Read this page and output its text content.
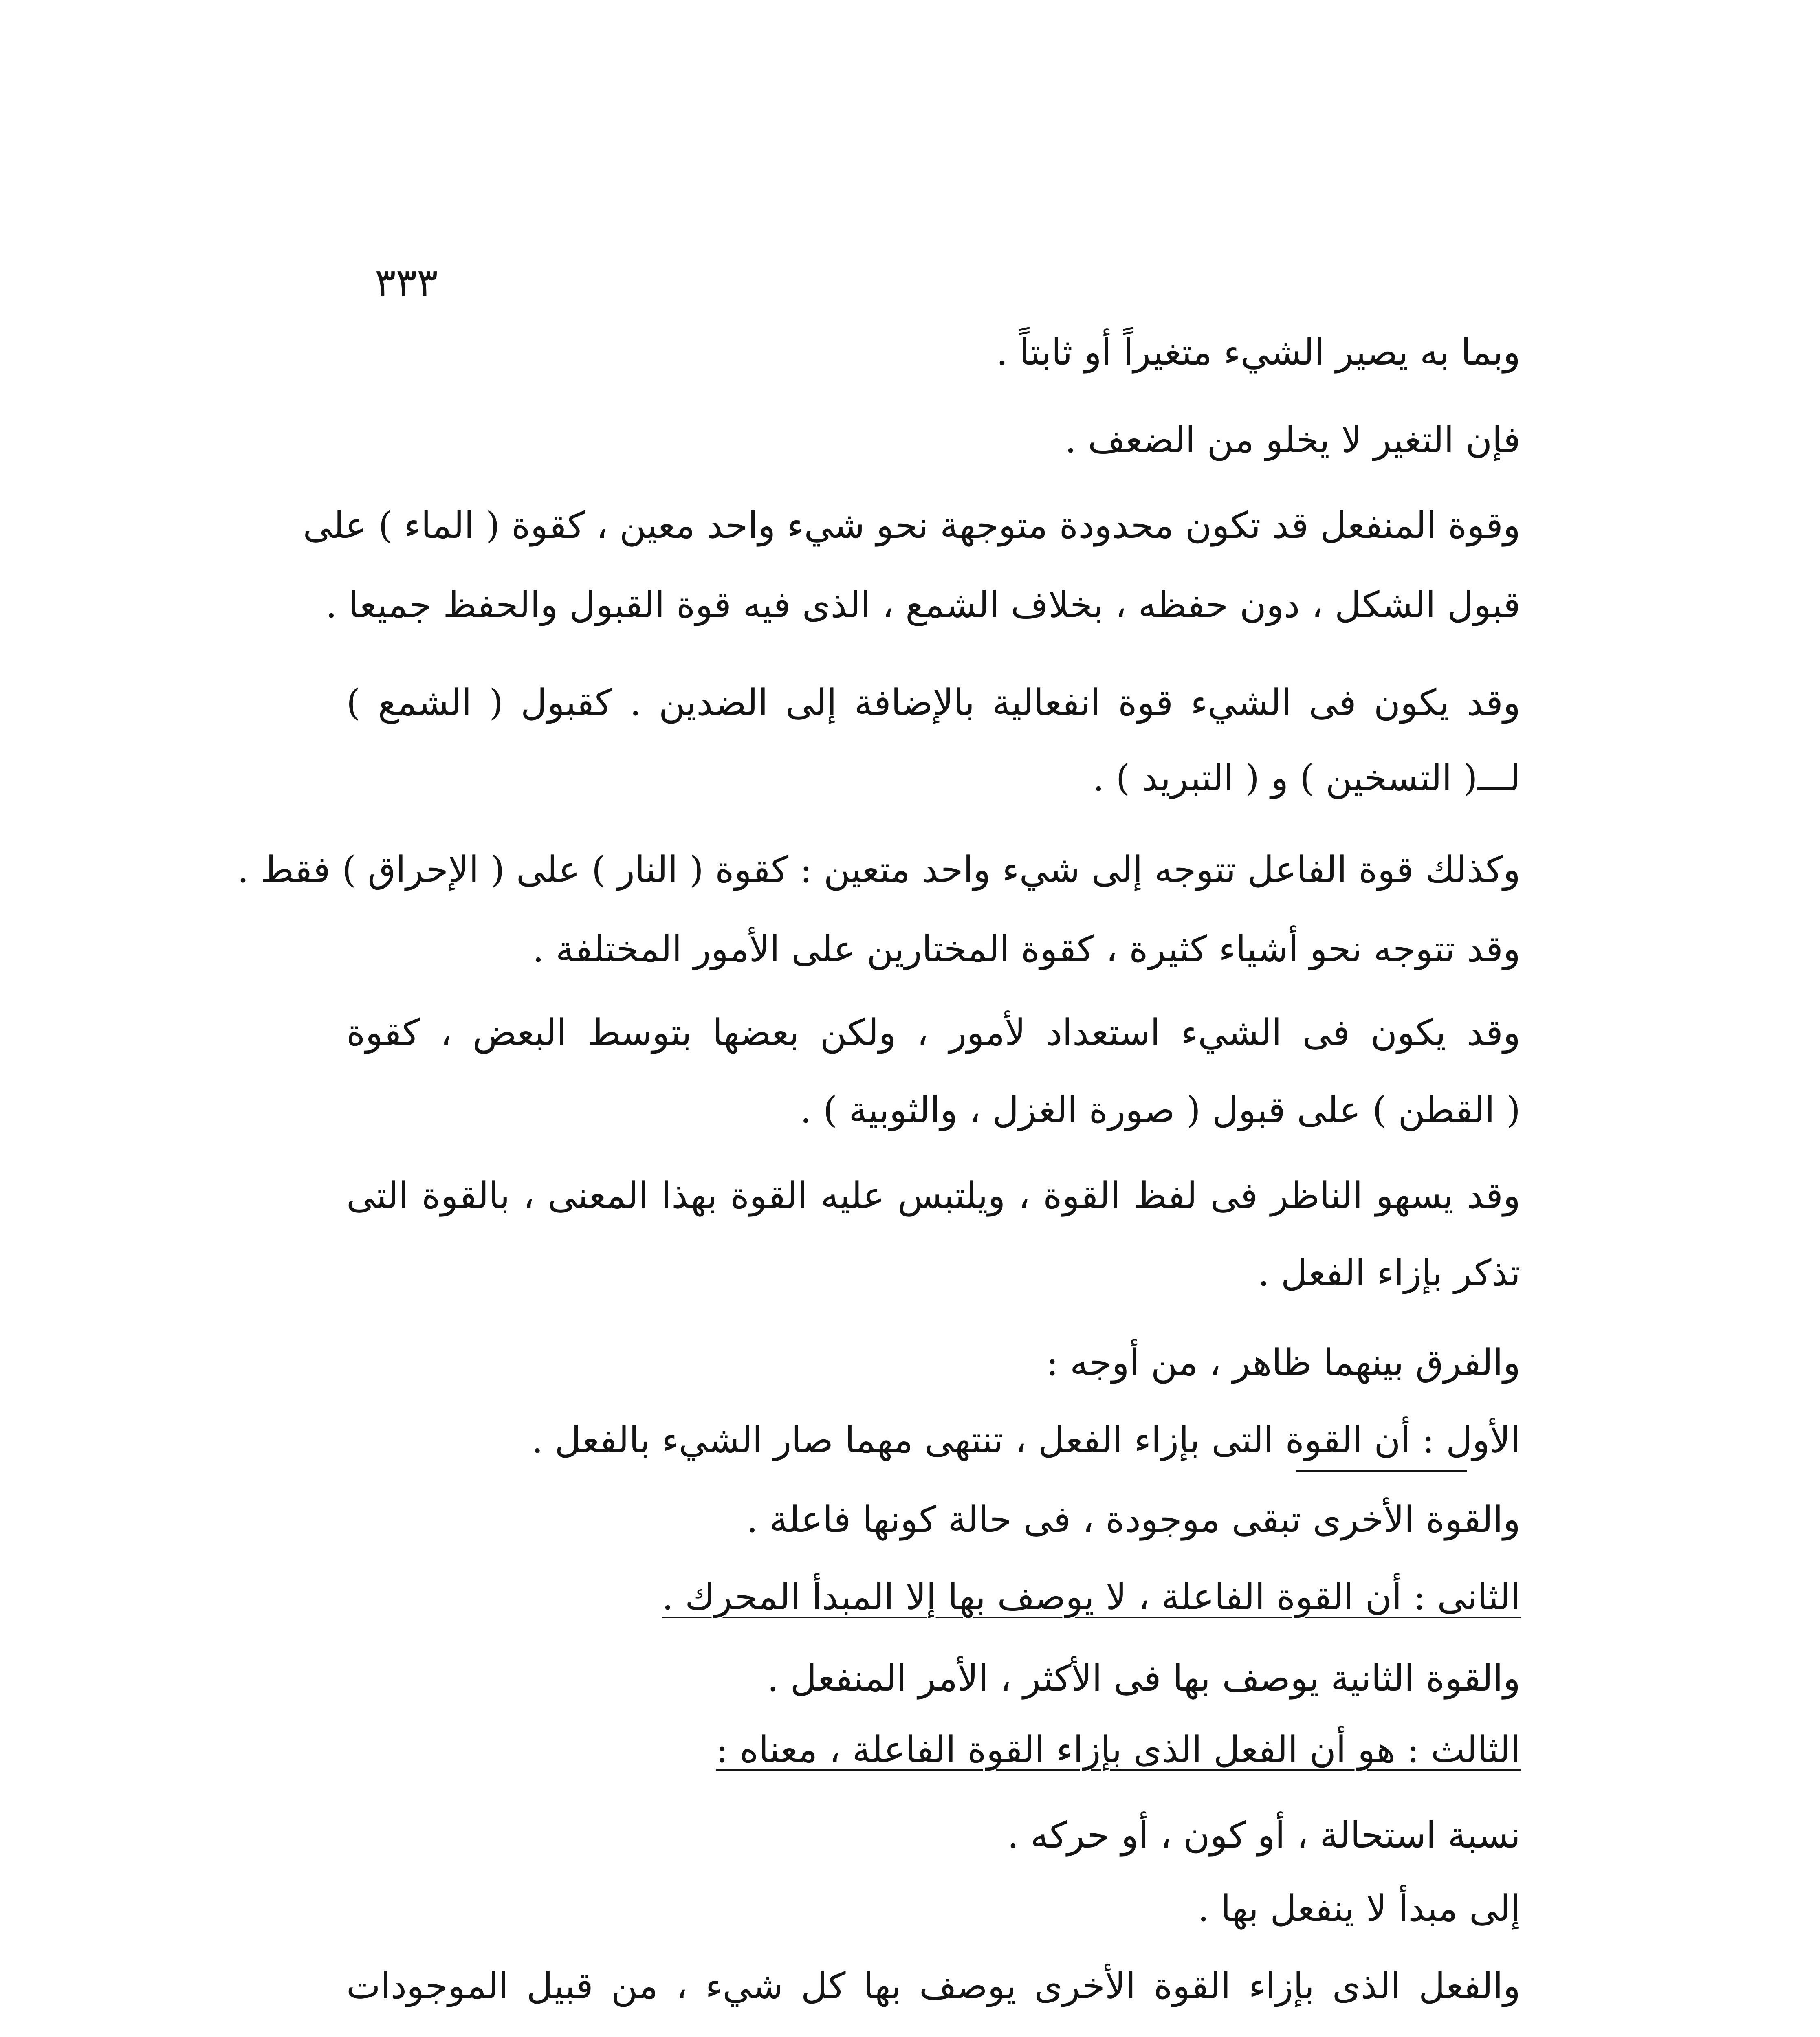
٣٣٣
وبما به يصير الشيء متغيراً أو ثابتاً .
فإن التغير لا يخلو من الضعف .
وقوة المنفعل قد تكون محدودة متوجهة نحو شيء واحد معين ، كقوة ( الماء ) على
قبول الشكل ، دون حفظه ، بخلاف الشمع ، الذى فيه قوة القبول والحفظ جميعا .
وقد يكون فى الشيء قوة انفعالية بالإضافة إلى الضدين . كقبول ( الشمع )
لـــ( التسخين ) و ( التبريد ) .
وكذلك قوة الفاعل تتوجه إلى شيء واحد متعين : كقوة ( النار ) على ( الإحراق ) فقط .
وقد تتوجه نحو أشياء كثيرة ، كقوة المختارين على الأمور المختلفة .
وقد يكون فى الشيء استعداد لأمور ، ولكن بعضها بتوسط البعض ، كقوة
( القطن ) على قبول ( صورة الغزل ، والثوبية ) .
وقد يسهو الناظر فى لفظ القوة ، ويلتبس عليه القوة بهذا المعنى ، بالقوة التى
تذكر بإزاء الفعل .
والفرق بينهما ظاهر ، من أوجه :
الأول : أن القوة التى بإزاء الفعل ، تنتهى مهما صار الشيء بالفعل .
والقوة الأخرى تبقى موجودة ، فى حالة كونها فاعلة .
الثانى : أن القوة الفاعلة ، لا يوصف بها إلا المبدأ المحرك .
والقوة الثانية يوصف بها فى الأكثر ، الأمر المنفعل .
الثالث : هو أن الفعل الذى بإزاء القوة الفاعلة ، معناه :
نسبة استحالة ، أو كون ، أو حركه .
إلى مبدأ لا ينفعل بها .
والفعل الذى بإزاء القوة الأخرى يوصف بها كل شيء ، من قبيل الموجودات
